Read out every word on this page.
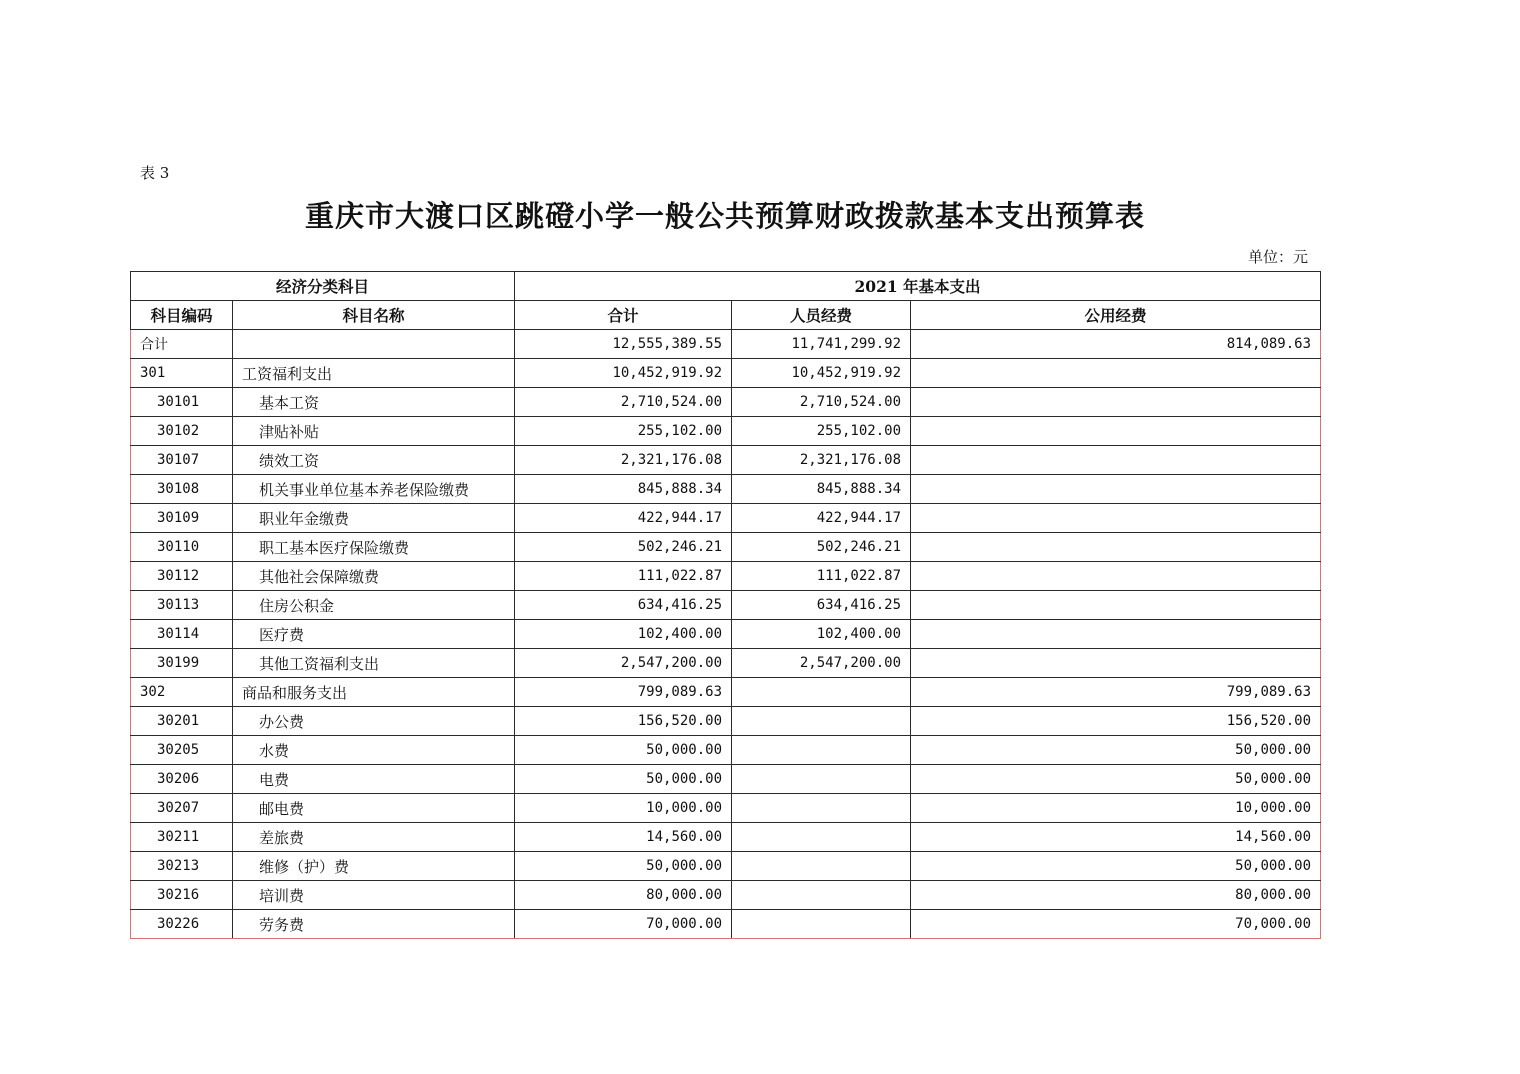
表 3
重庆市大渡口区跳磴小学一般公共预算财政拨款基本支出预算表
单位：元
经济分类科目		2021 年基本支出		
科目编码	科目名称	合计	人员经费	公用经费
合计		12,555,389.55	11,741,299.92	814,089.63
301	工资福利支出	10,452,919.92	10,452,919.92	
30101	基本工资	2,710,524.00	2,710,524.00	
30102	津贴补贴	255,102.00	255,102.00	
30107	绩效工资	2,321,176.08	2,321,176.08	
30108	机关事业单位基本养老保险缴费	845,888.34	845,888.34	
30109	职业年金缴费	422,944.17	422,944.17	
30110	职工基本医疗保险缴费	502,246.21	502,246.21	
30112	其他社会保障缴费	111,022.87	111,022.87	
30113	住房公积金	634,416.25	634,416.25	
30114	医疗费	102,400.00	102,400.00	
30199	其他工资福利支出	2,547,200.00	2,547,200.00	
302	商品和服务支出	799,089.63		799,089.63
30201	办公费	156,520.00		156,520.00
30205	水费	50,000.00		50,000.00
30206	电费	50,000.00		50,000.00
30207	邮电费	10,000.00		10,000.00
30211	差旅费	14,560.00		14,560.00
30213	维修（护）费	50,000.00		50,000.00
30216	培训费	80,000.00		80,000.00
30226	劳务费	70,000.00		70,000.00
